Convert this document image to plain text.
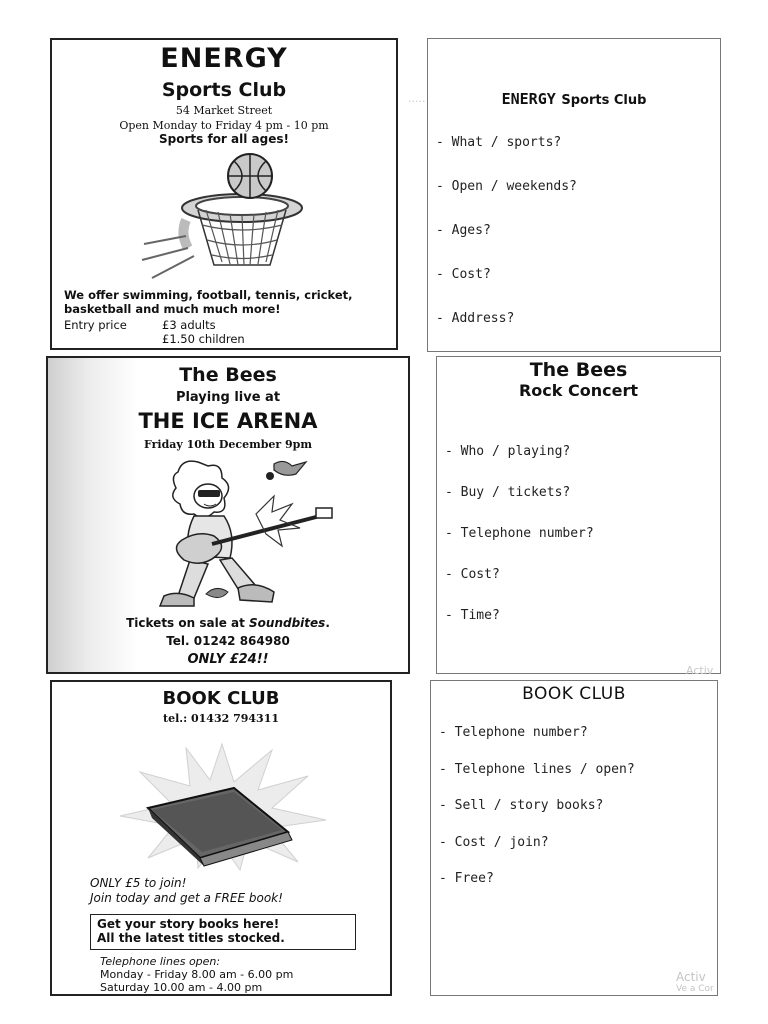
ENERGY
Sports Club
54 Market Street
Open Monday to Friday 4 pm - 10 pm
Sports for all ages!
We offer swimming, football, tennis, cricket,
basketball and much much more!
Entry price	£3 adults
£1.50 children
·····	ENERGY Sports Club
- What / sports?
- Open / weekends?
- Ages?
- Cost?
- Address?
The Bees
Playing live at
THE ICE ARENA
Friday 10th December 9pm
Tickets on sale at Soundbites.
Tel. 01242 864980
ONLY £24!!
The Bees
Rock Concert
- Who / playing?
- Buy / tickets?
- Telephone number?
- Cost?
- Time?
BOOK CLUB
tel.: 01432 794311
ONLY £5 to join!
Join today and get a FREE book!
Get your story books here!
All the latest titles stocked.
Telephone lines open:
Monday - Friday 8.00 am - 6.00 pm
Saturday 10.00 am - 4.00 pm
BOOK CLUB
- Telephone number?
- Telephone lines / open?
- Sell / story books?
- Cost / join?
- Free?
Activ
Activ
Ve a Cor
